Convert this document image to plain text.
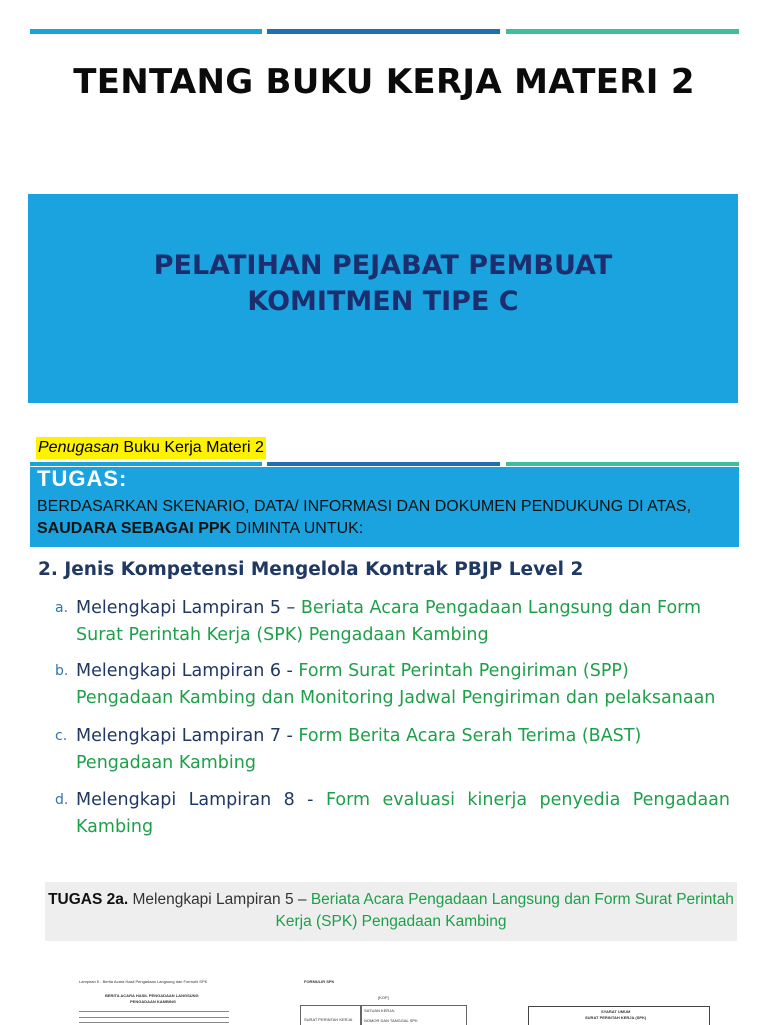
TENTANG BUKU KERJA MATERI 2
PELATIHAN PEJABAT PEMBUAT
KOMITMEN TIPE C
Penugasan Buku Kerja Materi 2
TUGAS:
BERDASARKAN SKENARIO, DATA/ INFORMASI DAN DOKUMEN PENDUKUNG DI ATAS, SAUDARA SEBAGAI PPK DIMINTA UNTUK:
2. Jenis Kompetensi Mengelola Kontrak PBJP Level 2
a. Melengkapi Lampiran 5 – Beriata Acara Pengadaan Langsung dan Form Surat Perintah Kerja (SPK) Pengadaan Kambing
b. Melengkapi Lampiran 6 - Form Surat Perintah Pengiriman (SPP) Pengadaan Kambing dan Monitoring Jadwal Pengiriman dan pelaksanaan
c. Melengkapi Lampiran 7 - Form Berita Acara Serah Terima (BAST) Pengadaan Kambing
d. Melengkapi Lampiran 8 - Form evaluasi kinerja penyedia Pengadaan Kambing
TUGAS 2a. Melengkapi Lampiran 5 – Beriata Acara Pengadaan Langsung dan Form Surat Perintah Kerja (SPK) Pengadaan Kambing
Lampiran 5 - Berita Acara Hasil Pengadaan Langsung dan Formulir SPK
BERITA ACARA HASIL PENGADAAN LANGSUNG
PENGADAAN KAMBING
FORMULIR SPK
[KOP]
SURAT PERINTAH KERJA
SATUAN KERJA:
NOMOR DAN TANGGAL SPK
SYARAT UMUM
SURAT PERINTAH KERJA (SPK)
